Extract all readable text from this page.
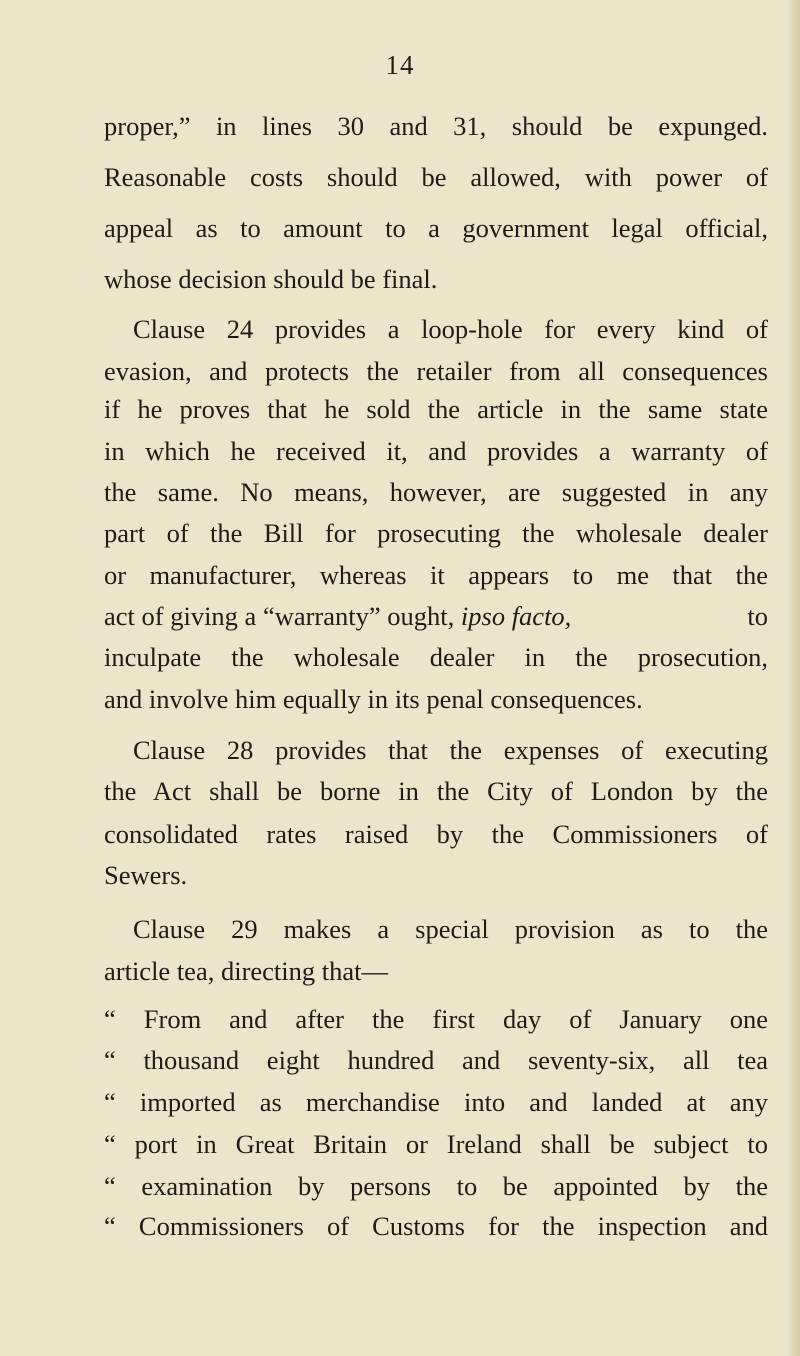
14
proper,” in lines 30 and 31, should be expunged.
Reasonable costs should be allowed, with power of
appeal as to amount to a government legal official,
whose decision should be final.
Clause 24 provides a loop-hole for every kind of
evasion, and protects the retailer from all consequences
if he proves that he sold the article in the same state
in which he received it, and provides a warranty of
the same. No means, however, are suggested in any
part of the Bill for prosecuting the wholesale dealer
or manufacturer, whereas it appears to me that the
act of giving a “warranty” ought, ipso facto,	to
inculpate the wholesale dealer in the prosecution,
and involve him equally in its penal consequences.
Clause 28 provides that the expenses of executing
the Act shall be borne in the City of London by the
consolidated rates raised by the Commissioners of
Sewers.
Clause 29 makes a special provision as to the
article tea, directing that—
“ From and after the first day of January one
“ thousand eight hundred and seventy-six, all tea
“ imported as merchandise into and landed at any
“ port in Great Britain or Ireland shall be subject to
“ examination by persons to be appointed by the
“ Commissioners of Customs for the inspection and
